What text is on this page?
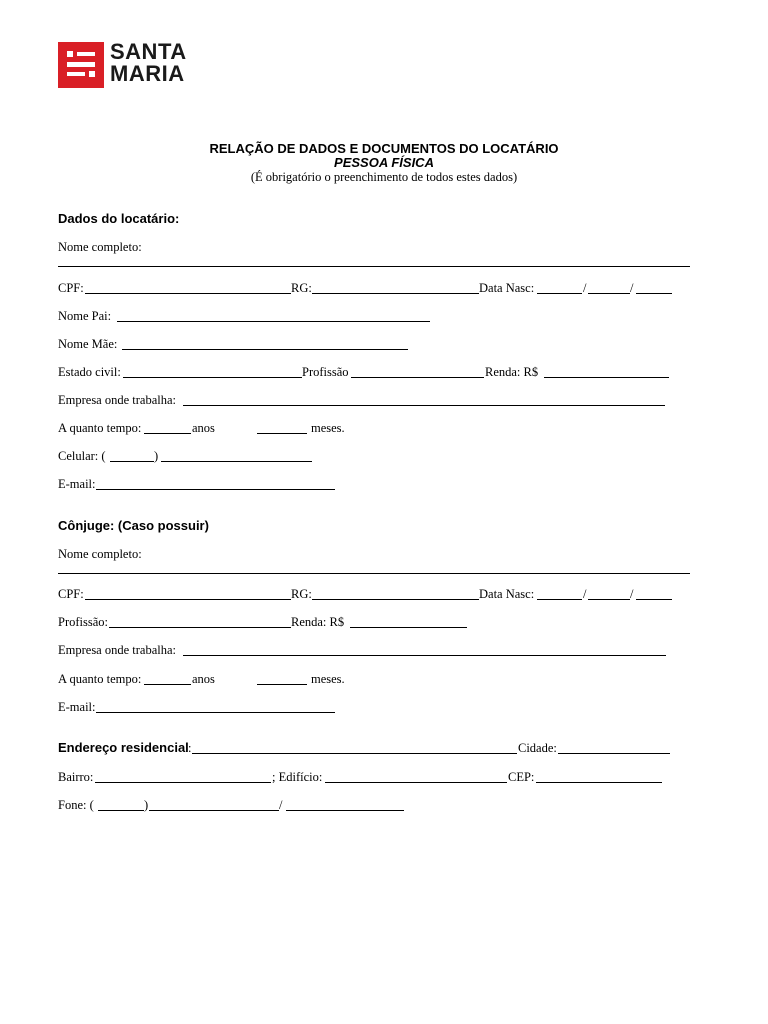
SANTA
MARIA
RELAÇÃO DE DADOS E DOCUMENTOS DO LOCATÁRIO
PESSOA FÍSICA
(É obrigatório o preenchimento de todos estes dados)
Dados do locatário:
Nome completo:
CPF:	RG:	Data Nasc:	/	/
Nome Pai:
Nome Mãe:
Estado civil:	Profissão	Renda: R$
Empresa onde trabalha:
A quanto tempo:	anos	meses.
Celular: (	)
E-mail:
Cônjuge: (Caso possuir)
Nome completo:
CPF:	RG:	Data Nasc:	/	/
Profissão:	Renda: R$
Empresa onde trabalha:
A quanto tempo:	anos	meses.
E-mail:
Endereço residencial :	Cidade:
Bairro:	; Edifício:	CEP:
Fone: (	)	/
